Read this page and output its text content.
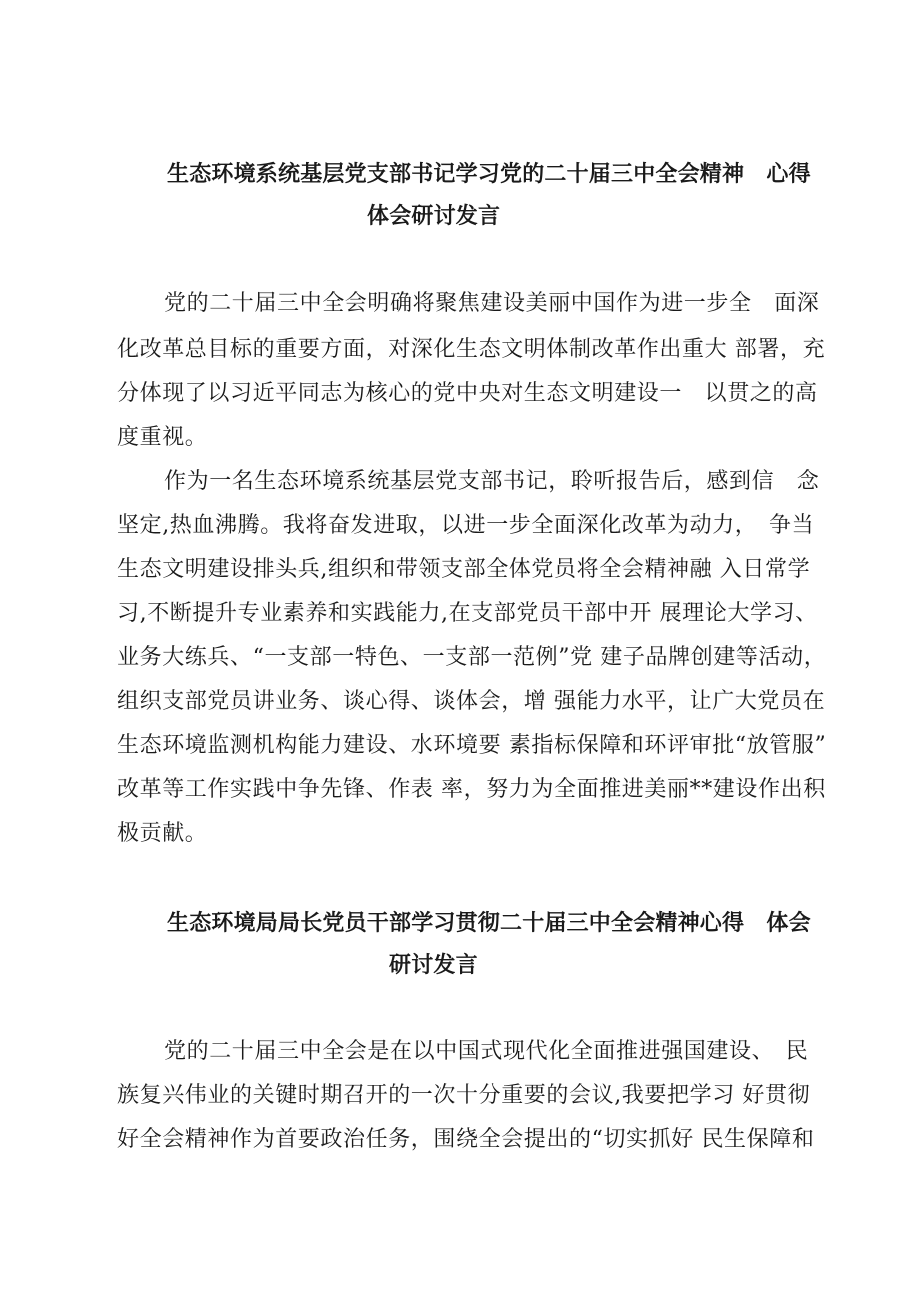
生态环境系统基层党支部书记学习党的二十届三中全会精神　心得
体会研讨发言

党的二十届三中全会明确将聚焦建设美丽中国作为进一步全　面深

化改革总目标的重要方面，对深化生态文明体制改革作出重大 部署，充

分体现了以习近平同志为核心的党中央对生态文明建设一　以贯之的高

度重视。

作为一名生态环境系统基层党支部书记，聆听报告后，感到信　念

坚定,热血沸腾。我将奋发进取，以进一步全面深化改革为动力，　争当

生态文明建设排头兵,组织和带领支部全体党员将全会精神融 入日常学

习,不断提升专业素养和实践能力,在支部党员干部中开 展理论大学习、

业务大练兵、“一支部一特色、一支部一范例”党 建子品牌创建等活动，

组织支部党员讲业务、谈心得、谈体会，增 强能力水平，让广大党员在

生态环境监测机构能力建设、水环境要 素指标保障和环评审批“放管服”

改革等工作实践中争先锋、作表 率，努力为全面推进美丽**建设作出积

极贡献。

生态环境局局长党员干部学习贯彻二十届三中全会精神心得　体会
研讨发言

党的二十届三中全会是在以中国式现代化全面推进强国建设、　民

族复兴伟业的关键时期召开的一次十分重要的会议,我要把学习 好贯彻

好全会精神作为首要政治任务，围绕全会提出的“切实抓好 民生保障和
